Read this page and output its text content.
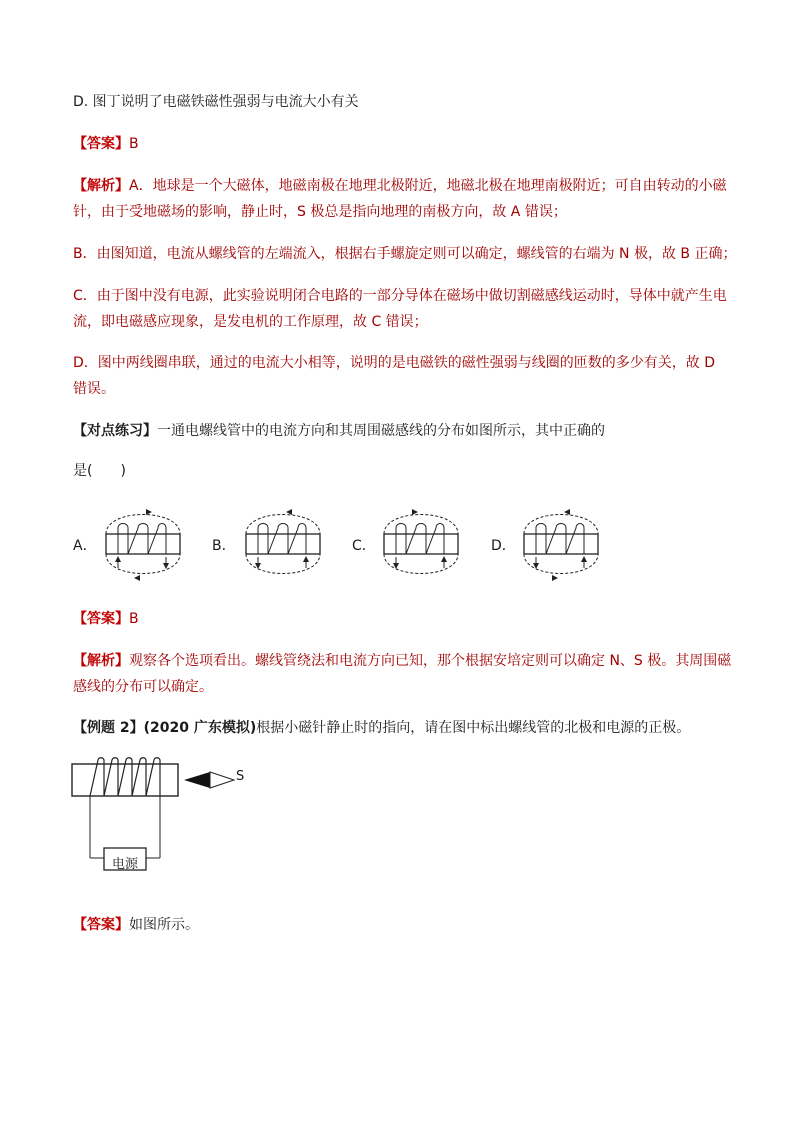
D. 图丁说明了电磁铁磁性强弱与电流大小有关
【答案】B
【解析】A．地球是一个大磁体，地磁南极在地理北极附近，地磁北极在地理南极附近；可自由转动的小磁
针，由于受地磁场的影响，静止时，S 极总是指向地理的南极方向，故 A 错误；
B．由图知道，电流从螺线管的左端流入，根据右手螺旋定则可以确定，螺线管的右端为 N 极，故 B 正确；
C．由于图中没有电源，此实验说明闭合电路的一部分导体在磁场中做切割磁感线运动时，导体中就产生电
流，即电磁感应现象，是发电机的工作原理，故 C 错误；
D．图中两线圈串联，通过的电流大小相等，说明的是电磁铁的磁性强弱与线圈的匝数的多少有关，故 D
错误。
【对点练习】一通电螺线管中的电流方向和其周围磁感线的分布如图所示，其中正确的
是(　　)
A．	B．	C．	D．
【答案】B
【解析】观察各个选项看出。螺线管绕法和电流方向已知，那个根据安培定则可以确定 N、S 极。其周围磁
感线的分布可以确定。
【例题 2】(2020 广东模拟)根据小磁针静止时的指向，请在图中标出螺线管的北极和电源的正极。
电源
S
【答案】如图所示。
